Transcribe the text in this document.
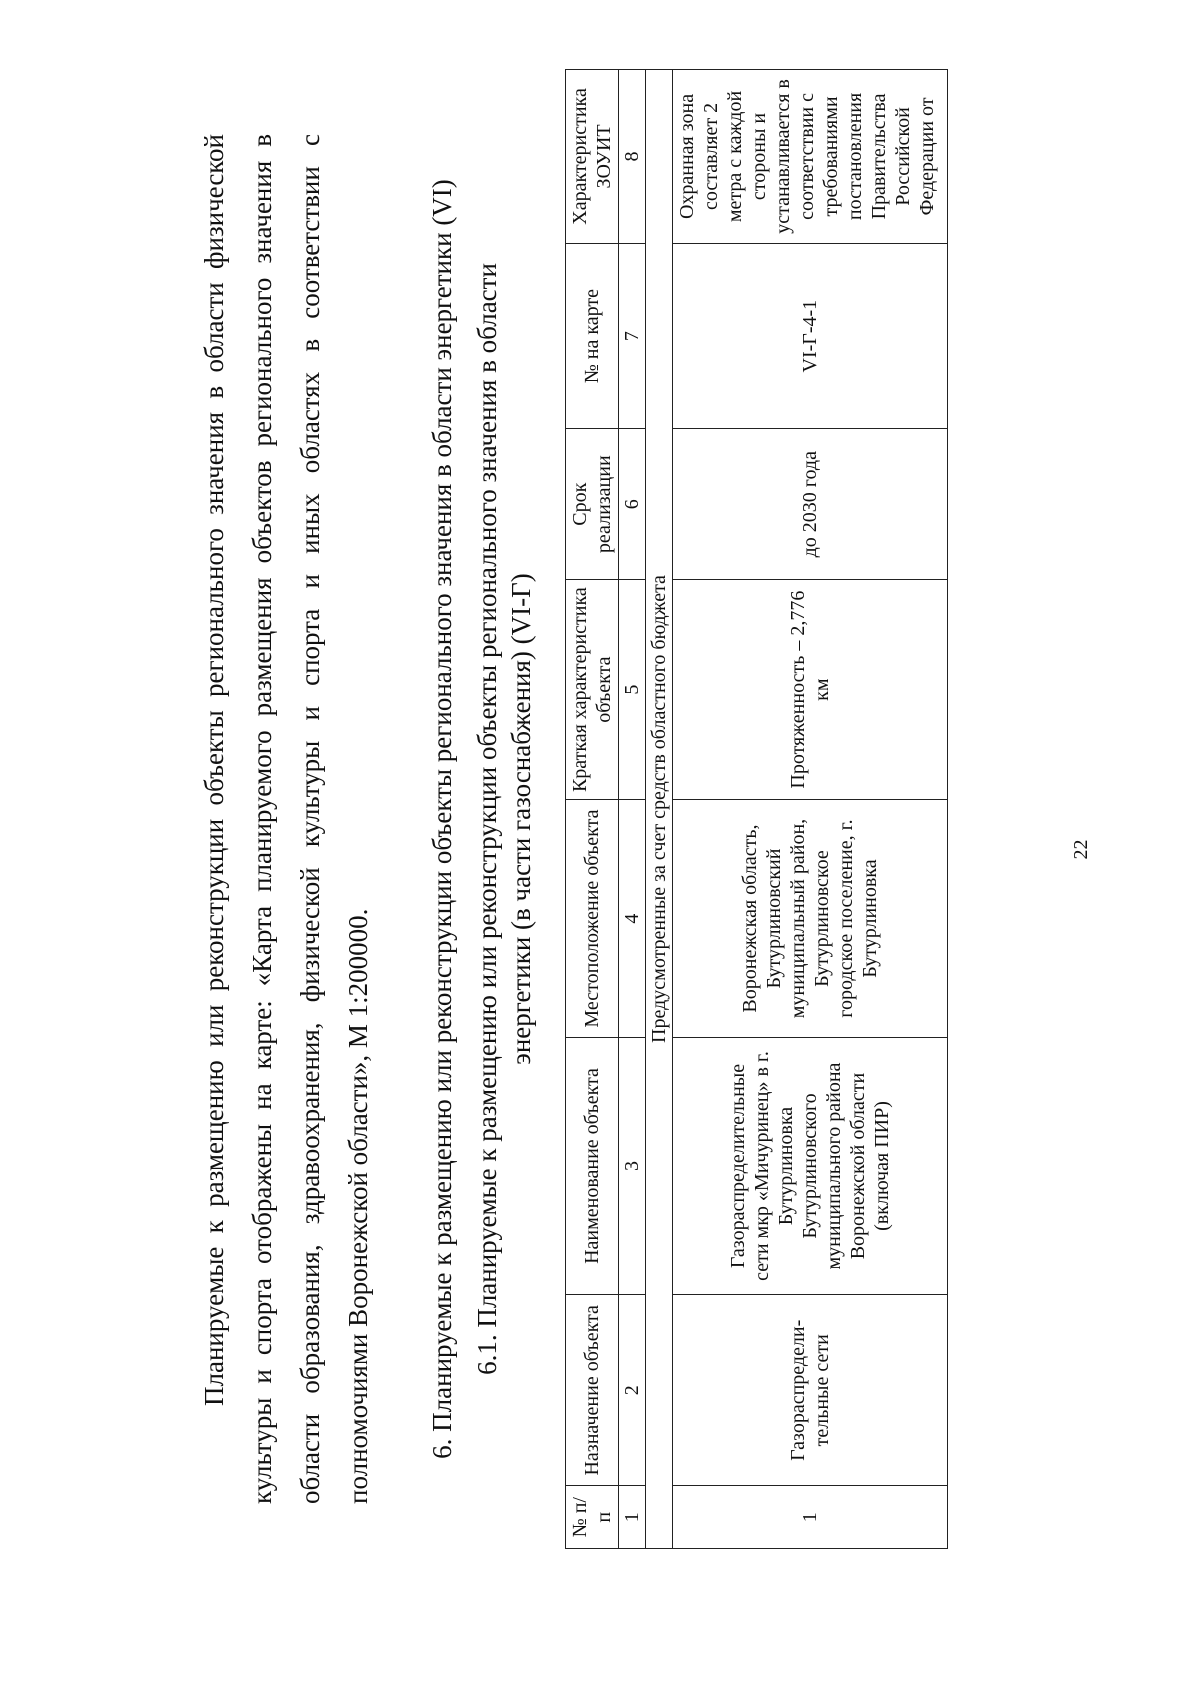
22

Планируемые к размещению или реконструкции объекты регионального значения в области физической культуры и спорта отображены на карте: «Карта планируемого размещения объектов регионального значения в области образования, здравоохранения, физической культуры и спорта и иных областях в соответствии с полномочиями Воронежской области», М 1:200000.	6. Планируемые к размещению или реконструкции объекты регионального значения в области энергетики (VI) 6.1. Планируемые к размещению или реконструкции объекты регионального значения в области энергетики (в части газоснабжения) (VI-Г)
№ п/п	Назначение объекта	Наименование объекта	Местоположение объекта	Краткая характеристика объекта	Срок реализации	№ на карте	Характеристика ЗОУИТ
1	2	3	4	5	6	7	8
Предусмотренные за счет средств областного бюджета							
1	Газораспредели-тельные сети	Газораспределительные сети мкр «Мичуринец» в г. Бутурлиновка Бутурлиновского муниципального района Воронежской области (включая ПИР)	Воронежская область, Бутурлиновский муниципальный район, Бутурлиновское городское поселение, г. Бутурлиновка	Протяженность – 2,776 км	до 2030 года	VI-Г-4-1	Охранная зона составляет 2 метра с каждой стороны и устанавливается в соответствии с требованиями постановления Правительства Российской Федерации от
